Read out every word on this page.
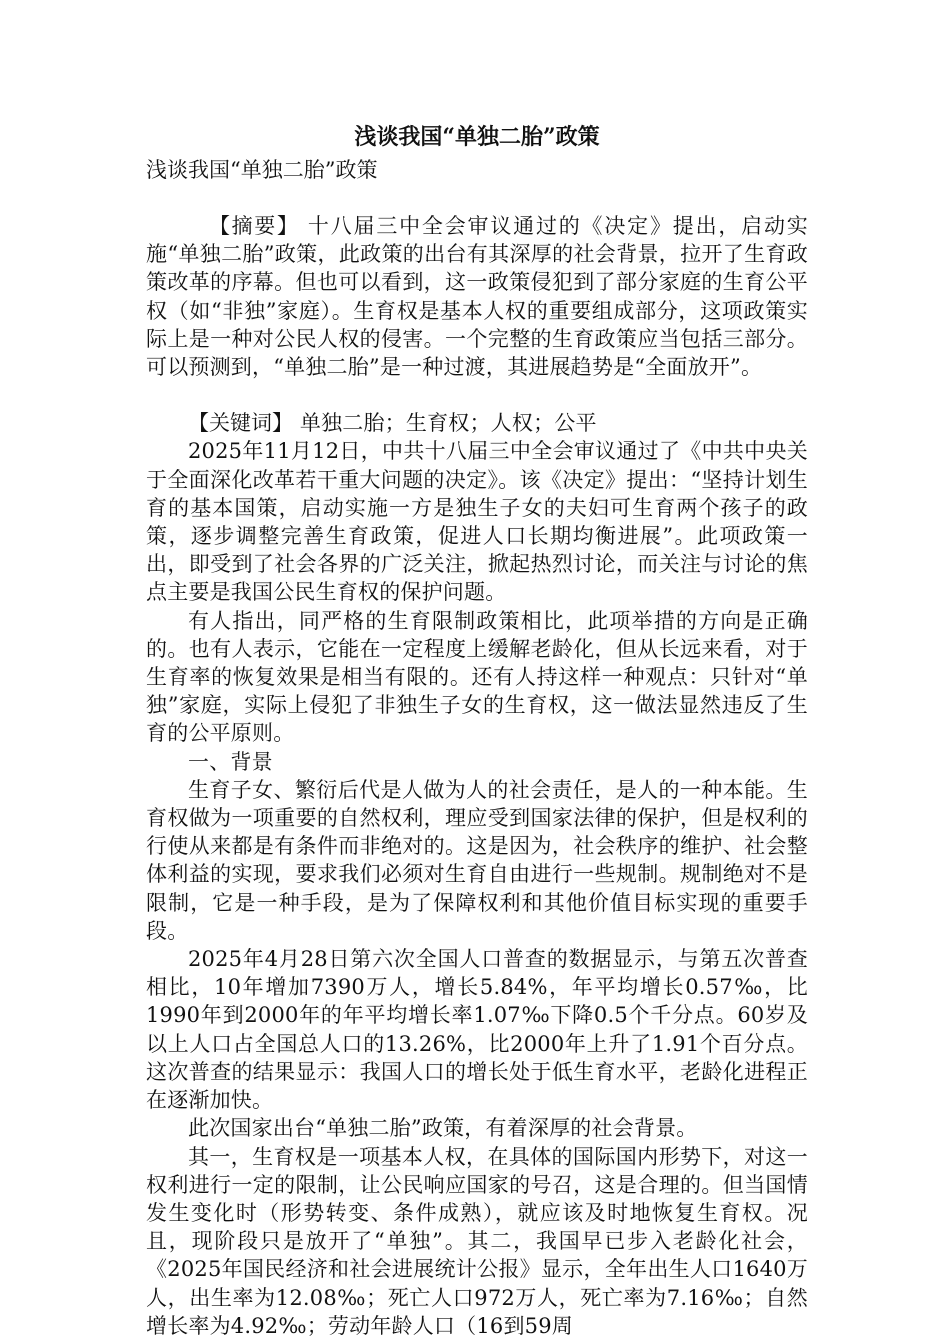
浅谈我国“单独二胎”政策

浅谈我国“单独二胎”政策

【摘要】 十八届三中全会审议通过的《决定》提出，启动实施“单独二胎”政策，此政策的出台有其深厚的社会背景，拉开了生育政策改革的序幕。但也可以看到，这一政策侵犯到了部分家庭的生育公平权（如“非独”家庭）。生育权是基本人权的重要组成部分，这项政策实际上是一种对公民人权的侵害。一个完整的生育政策应当包括三部分。可以预测到，“单独二胎”是一种过渡，其进展趋势是“全面放开”。

【关键词】 单独二胎；生育权；人权；公平

2025年11月12日，中共十八届三中全会审议通过了《中共中央关于全面深化改革若干重大问题的决定》。该《决定》提出：“坚持计划生育的基本国策，启动实施一方是独生子女的夫妇可生育两个孩子的政策，逐步调整完善生育政策，促进人口长期均衡进展”。此项政策一出，即受到了社会各界的广泛关注，掀起热烈讨论，而关注与讨论的焦点主要是我国公民生育权的保护问题。

有人指出，同严格的生育限制政策相比，此项举措的方向是正确的。也有人表示，它能在一定程度上缓解老龄化，但从长远来看，对于生育率的恢复效果是相当有限的。还有人持这样一种观点：只针对“单独”家庭，实际上侵犯了非独生子女的生育权，这一做法显然违反了生育的公平原则。

一、背景

生育子女、繁衍后代是人做为人的社会责任，是人的一种本能。生育权做为一项重要的自然权利，理应受到国家法律的保护，但是权利的行使从来都是有条件而非绝对的。这是因为，社会秩序的维护、社会整体利益的实现，要求我们必须对生育自由进行一些规制。规制绝对不是限制，它是一种手段，是为了保障权利和其他价值目标实现的重要手段。

2025年4月28日第六次全国人口普查的数据显示，与第五次普查相比，10年增加7390万人，增长5.84%，年平均增长0.57‰，比1990年到2000年的年平均增长率1.07‰下降0.5个千分点。60岁及以上人口占全国总人口的13.26%，比2000年上升了1.91个百分点。这次普查的结果显示：我国人口的增长处于低生育水平，老龄化进程正在逐渐加快。

此次国家出台“单独二胎”政策，有着深厚的社会背景。

其一，生育权是一项基本人权，在具体的国际国内形势下，对这一权利进行一定的限制，让公民响应国家的号召，这是合理的。但当国情发生变化时（形势转变、条件成熟），就应该及时地恢复生育权。况且，现阶段只是放开了“单独”。其二，我国早已步入老龄化社会，《2025年国民经济和社会进展统计公报》显示，全年出生人口1640万人，出生率为12.08‰；死亡人口972万人，死亡率为7.16‰；自然增长率为4.92‰；劳动年龄人口（16到59周
